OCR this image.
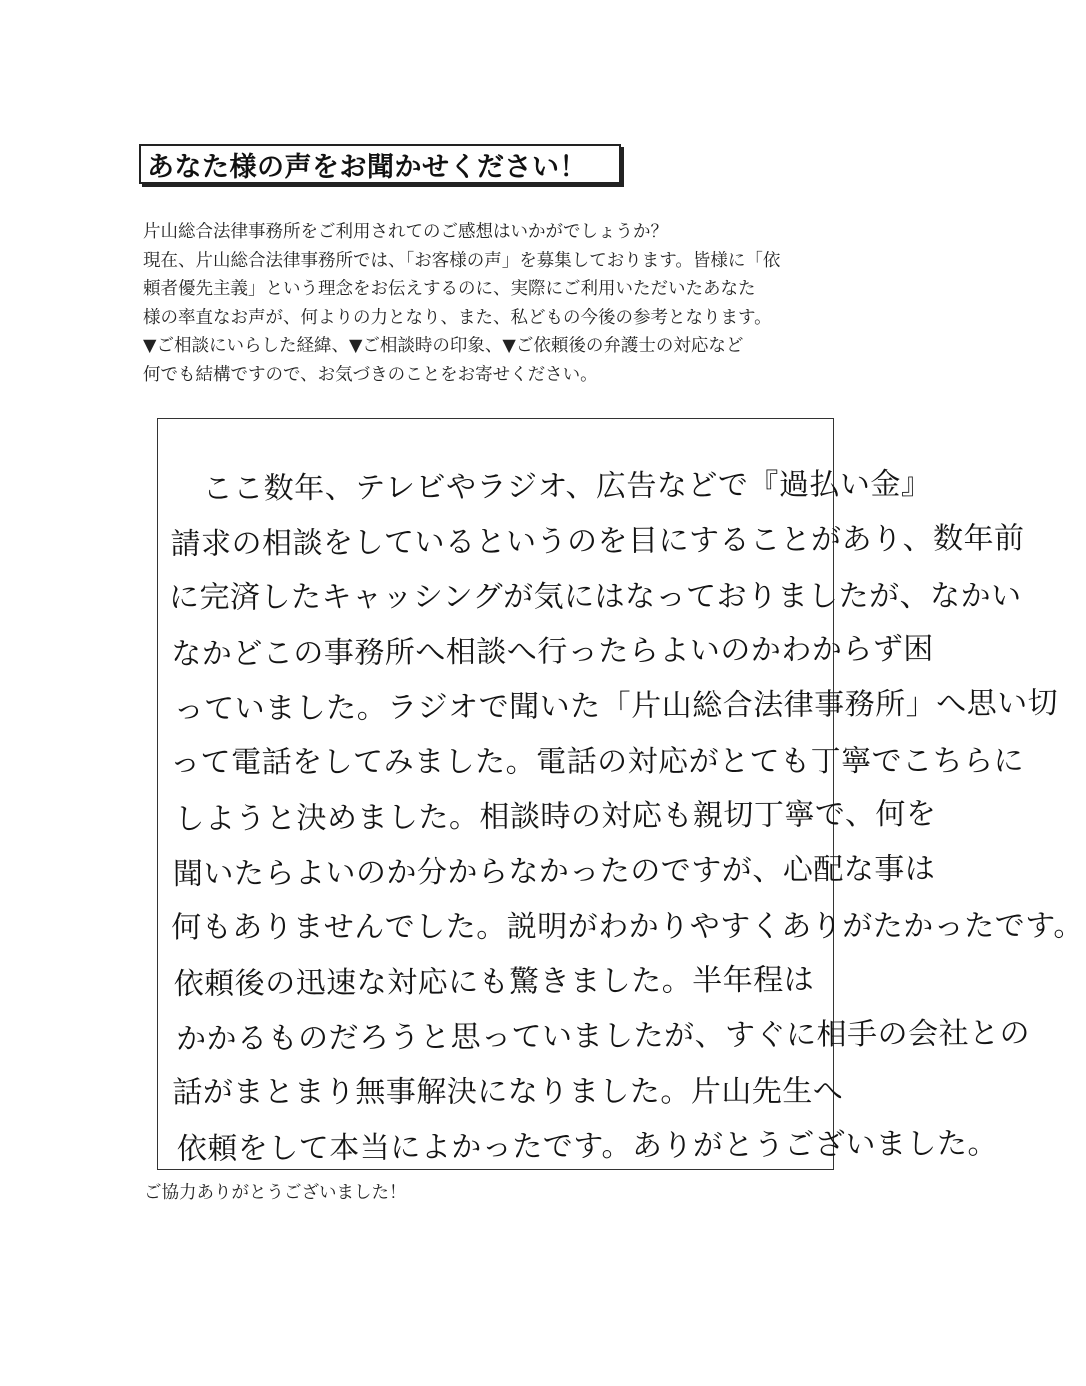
あなた様の声をお聞かせください！

片山総合法律事務所をご利用されてのご感想はいかがでしょうか？

現在、片山総合法律事務所では、「お客様の声」を募集しております。皆様に「依

頼者優先主義」という理念をお伝えするのに、実際にご利用いただいたあなた

様の率直なお声が、何よりの力となり、また、私どもの今後の参考となります。

▼ご相談にいらした経緯、▼ご相談時の印象、▼ご依頼後の弁護士の対応など

何でも結構ですので、お気づきのことをお寄せください。

　ここ数年、テレビやラジオ、広告などで『過払い金』

請求の相談をしているというのを目にすることがあり、数年前

に完済したキャッシングが気にはなっておりましたが、なかい

なかどこの事務所へ相談へ行ったらよいのかわからず困

っていました。ラジオで聞いた「片山総合法律事務所」へ思い切

って電話をしてみました。電話の対応がとても丁寧でこちらに

しようと決めました。相談時の対応も親切丁寧で、何を

聞いたらよいのか分からなかったのですが、心配な事は

何もありませんでした。説明がわかりやすくありがたかったです。

依頼後の迅速な対応にも驚きました。半年程は

かかるものだろうと思っていましたが、すぐに相手の会社との

話がまとまり無事解決になりました。片山先生へ

依頼をして本当によかったです。ありがとうございました。

ご協力ありがとうございました！
